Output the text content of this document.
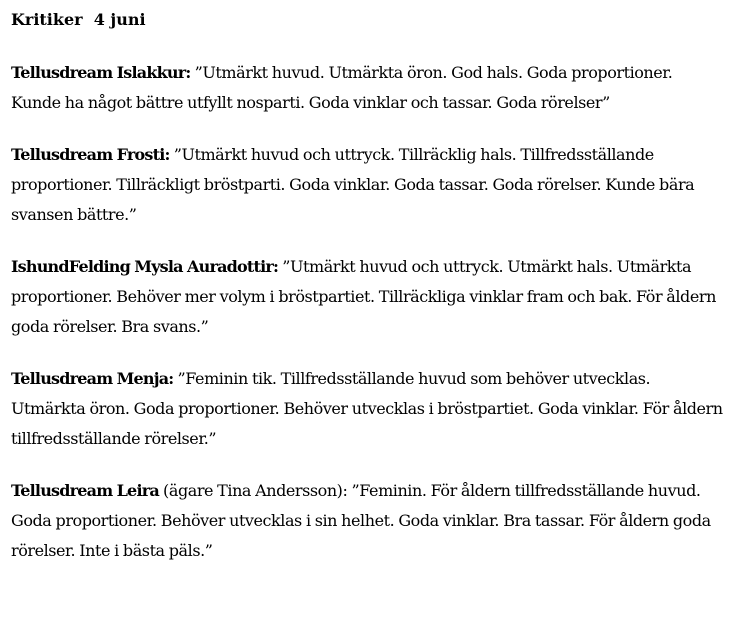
Kritiker  4 juni

Tellusdream Islakkur: ”Utmärkt huvud. Utmärkta öron. God hals. Goda proportioner. Kunde ha något bättre utfyllt nosparti. Goda vinklar och tassar. Goda rörelser”

Tellusdream Frosti: ”Utmärkt huvud och uttryck. Tillräcklig hals. Tillfredsställande proportioner. Tillräckligt bröstparti. Goda vinklar. Goda tassar. Goda rörelser. Kunde bära svansen bättre.”

IshundFelding Mysla Auradottir: ”Utmärkt huvud och uttryck. Utmärkt hals. Utmärkta proportioner. Behöver mer volym i bröstpartiet. Tillräckliga vinklar fram och bak. För åldern goda rörelser. Bra svans.”

Tellusdream Menja: ”Feminin tik. Tillfredsställande huvud som behöver utvecklas. Utmärkta öron. Goda proportioner. Behöver utvecklas i bröstpartiet. Goda vinklar. För åldern tillfredsställande rörelser.”

Tellusdream Leira (ägare Tina Andersson): ”Feminin. För åldern tillfredsställande huvud. Goda proportioner. Behöver utvecklas i sin helhet. Goda vinklar. Bra tassar. För åldern goda rörelser. Inte i bästa päls.”
